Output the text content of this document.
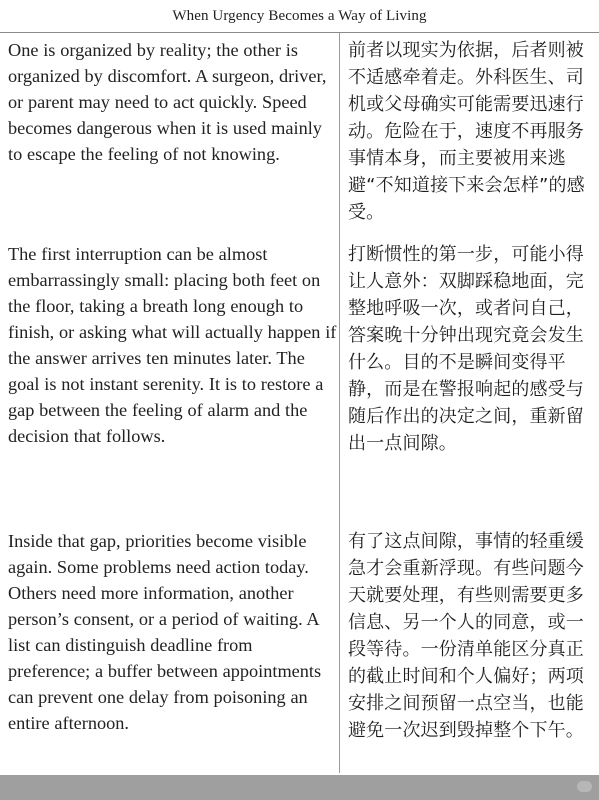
When Urgency Becomes a Way of Living
One is organized by reality; the other is organized by discomfort. A surgeon, driver, or parent may need to act quickly. Speed becomes dangerous when it is used mainly to escape the feeling of not knowing.
前者以现实为依据，后者则被不适感牵着走。外科医生、司机或父母确实可能需要迅速行动。危险在于，速度不再服务事情本身，而主要被用来逃避“不知道接下来会怎样”的感受。
The first interruption can be almost embarrassingly small: placing both feet on the floor, taking a breath long enough to finish, or asking what will actually happen if the answer arrives ten minutes later. The goal is not instant serenity. It is to restore a gap between the feeling of alarm and the decision that follows.
打断惯性的第一步，可能小得让人意外：双脚踩稳地面，完整地呼吸一次，或者问自己，答案晚十分钟出现究竟会发生什么。目的不是瞬间变得平静，而是在警报响起的感受与随后作出的决定之间，重新留出一点间隙。
Inside that gap, priorities become visible again. Some problems need action today. Others need more information, another person’s consent, or a period of waiting. A list can distinguish deadline from preference; a buffer between appointments can prevent one delay from poisoning an entire afternoon.
有了这点间隙，事情的轻重缓急才会重新浮现。有些问题今天就要处理，有些则需要更多信息、另一个人的同意，或一段等待。一份清单能区分真正的截止时间和个人偏好；两项安排之间预留一点空当，也能避免一次迟到毁掉整个下午。
